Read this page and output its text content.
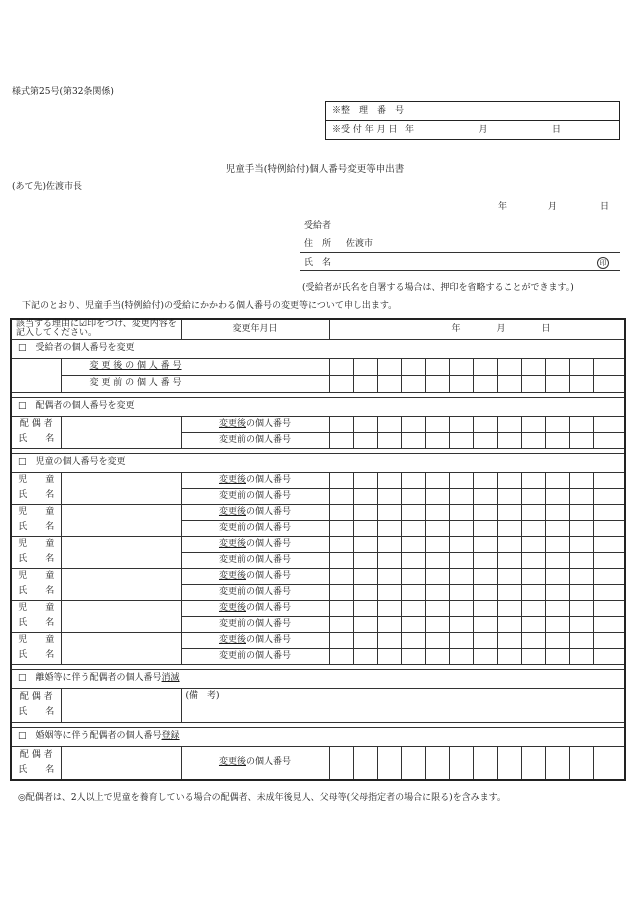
様式第25号(第32条関係)
※整　理　番　号
※受 付 年 月 日	年	月	日
児童手当(特例給付)個人番号変更等申出書
(あて先)佐渡市長
年	月	日
受給者
住　所 佐渡市
氏　名	印
(受給者が氏名を自署する場合は、押印を省略することができます。)
下記のとおり、児童手当(特例給付)の受給にかかわる個人番号の変更等について申し出ます。
該当する理由に☑印をつけ、変更内容を記入してください。		変更年月日	年 月 日											
□　 受給者の個人番号を変更														
	変 更 後 の 個 人 番 号													
	変 更 前 の 個 人 番 号													

□　 配偶者の個人番号を変更														

配 偶 者
氏　　名		変更後の個人番号												
		変更前の個人番号												

□　 児童の個人番号を変更														

児　　童
氏　　名		変更後の個人番号												
		変更前の個人番号												

児　　童
氏　　名		変更後の個人番号												
		変更前の個人番号												

児　　童
氏　　名		変更後の個人番号												
		変更前の個人番号												

児　　童
氏　　名		変更後の個人番号												
		変更前の個人番号												

児　　童
氏　　名		変更後の個人番号												
		変更前の個人番号												

児　　童
氏　　名		変更後の個人番号												
		変更前の個人番号												

□　 離婚等に伴う配偶者の個人番号消滅														

配 偶 者
氏　　名		(備　考)												

□　 婚姻等に伴う配偶者の個人番号登録														

配 偶 者
氏　　名		変更後の個人番号												
◎配偶者は、2人以上で児童を養育している場合の配偶者、未成年後見人、父母等(父母指定者の場合に限る)を含みます。
